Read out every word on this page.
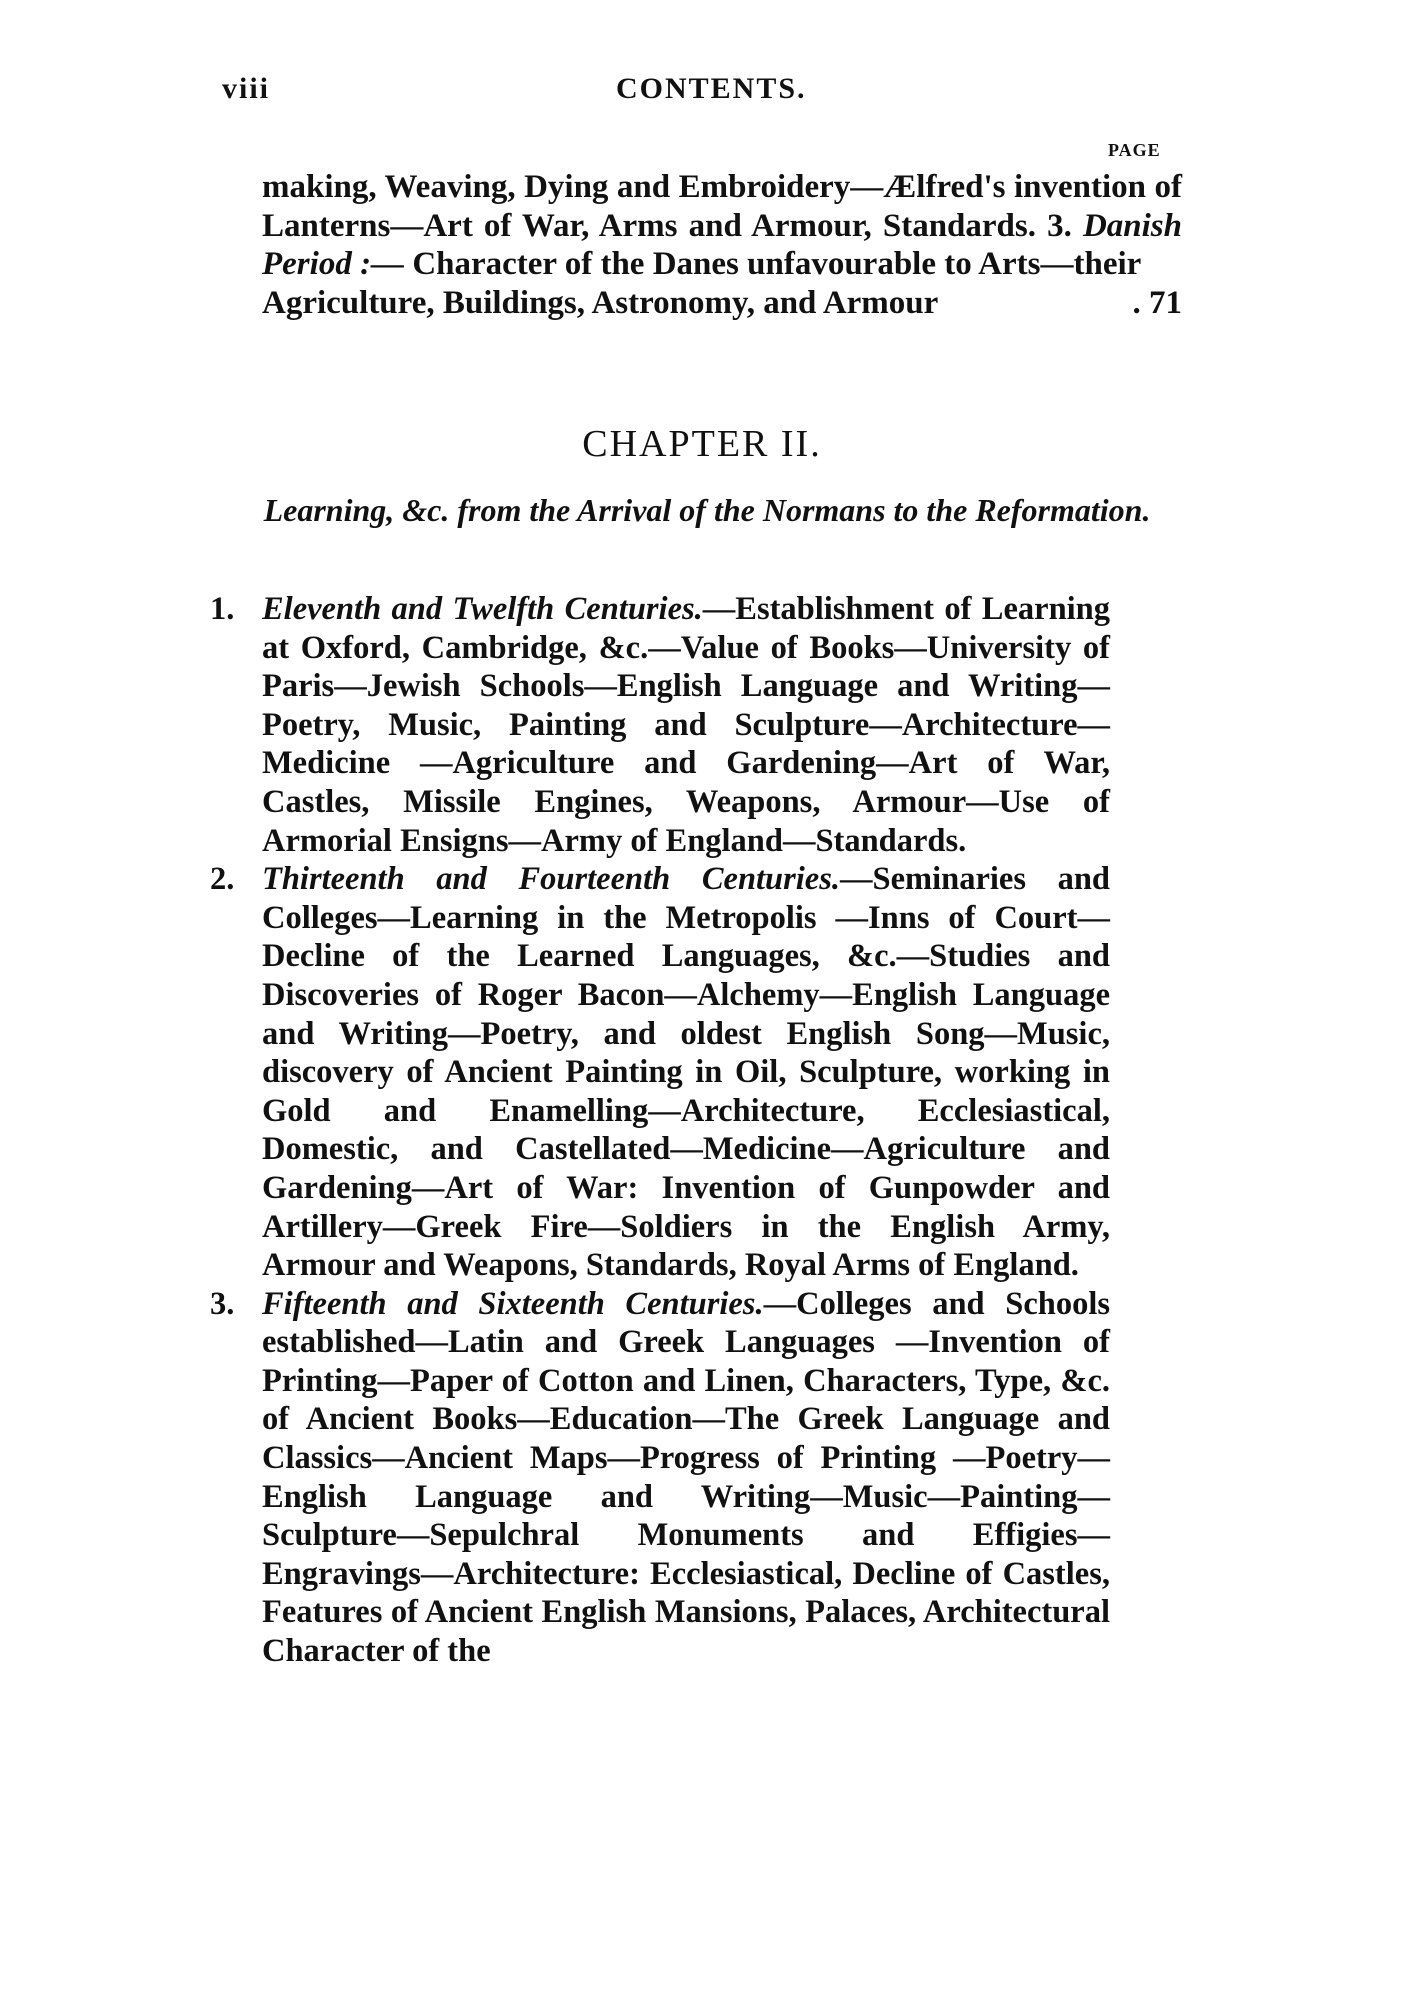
viii	CONTENTS.
PAGE
making, Weaving, Dying and Embroidery—Ælfred's invention of Lanterns—Art of War, Arms and Armour, Standards. 3. Danish Period :— Character of the Danes unfavourable to Arts—their
Agriculture, Buildings, Astronomy, and Armour	. 71
CHAPTER II.
Learning, &c. from the Arrival of the Normans to the Reformation.
1. Eleventh and Twelfth Centuries.—Establishment of Learning at Oxford, Cambridge, &c.—Value of Books—University of Paris—Jewish Schools—English Language and Writing—Poetry, Music, Painting and Sculpture—Architecture—Medicine —Agriculture and Gardening—Art of War, Castles, Missile Engines, Weapons, Armour—Use of Armorial Ensigns—Army of England—Standards.
2. Thirteenth and Fourteenth Centuries.—Seminaries and Colleges—Learning in the Metropolis —Inns of Court—Decline of the Learned Languages, &c.—Studies and Discoveries of Roger Bacon—Alchemy—English Language and Writing—Poetry, and oldest English Song—Music, discovery of Ancient Painting in Oil, Sculpture, working in Gold and Enamelling—Architecture, Ecclesiastical, Domestic, and Castellated—Medicine—Agriculture and Gardening—Art of War: Invention of Gunpowder and Artillery—Greek Fire—Soldiers in the English Army, Armour and Weapons, Standards, Royal Arms of England.
3. Fifteenth and Sixteenth Centuries.—Colleges and Schools established—Latin and Greek Languages —Invention of Printing—Paper of Cotton and Linen, Characters, Type, &c. of Ancient Books—Education—The Greek Language and Classics—Ancient Maps—Progress of Printing —Poetry—English Language and Writing—Music—Painting—Sculpture—Sepulchral Monuments and Effigies—Engravings—Architecture: Ecclesiastical, Decline of Castles, Features of Ancient English Mansions, Palaces, Architectural Character of the
